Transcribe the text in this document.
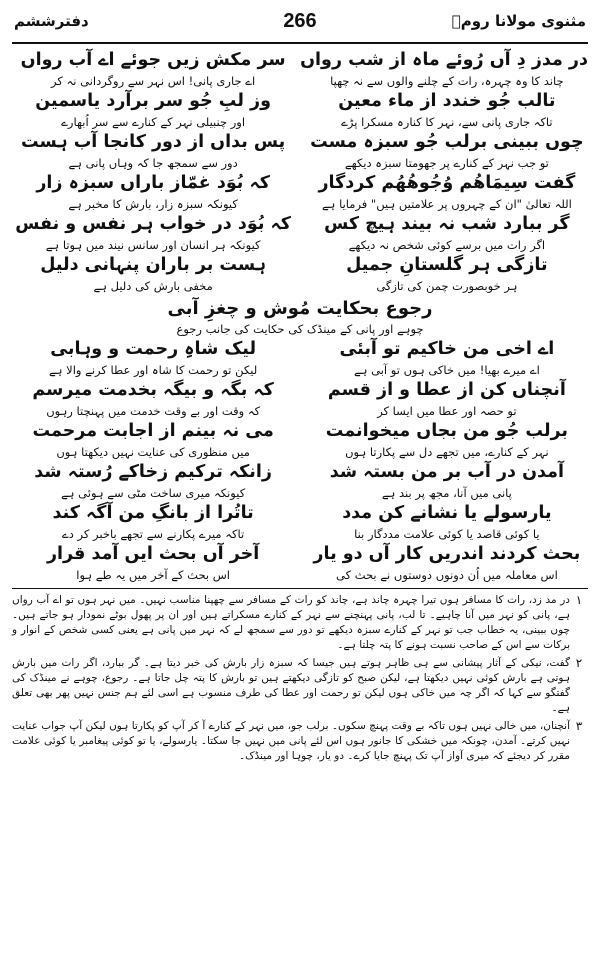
دفترششم	266	مثنوی مولانا رومؒ
در مدز دِ آں رُوئے ماہ از شب رواں
سر مکش زیں جوئے اے آب رواں
چاند کا وہ چہرہ، رات کے چلنے والوں سے نہ چھپا
اے جاری پانی! اس نہر سے روگردانی نہ کر
تالب جُو خندد از ماء معین
وز لبِ جُو سر برآرد یاسمین
تاکہ جاری پانی سے، نہر کا کنارہ مسکرا پڑے
اور چنبیلی نہر کے کنارے سے سر اُبھارے
چوں ببینی برلب جُو سبزہ مست
پس بداں از دور کانجا آب ہست
تو جب نہر کے کنارے پر جھومتا سبزہ دیکھے
دور سے سمجھ جا کہ وہاں پانی ہے
گفت سِیمَاھُم وُجُوھُھُم کردگار
کہ بُوَد غمّاز باراں سبزہ زار
اللہ تعالیٰ "ان کے چہروں پر علامتیں ہیں" فرمایا ہے
کیونکہ سبزہ زار، بارش کا مخبر ہے
گر ببارد شب نہ بیند ہیچ کس
کہ بُوَد در خواب ہر نفس و نفس
اگر رات میں برسے کوئی شخص نہ دیکھے
کیونکہ ہر انسان اور سانس نیند میں ہوتا ہے
تازگی ہر گلستانِ جمیل
ہست بر باران پنہانی دلیل
ہر خوبصورت چمن کی تازگی
مخفی بارش کی دلیل ہے
رجوع بحکایت مُوش و چغزِ آبی
چوہے اور پانی کے مینڈک کی حکایت کی جانب رجوع
اے اخی من خاکیم تو آبئی
لیک شاہِ رحمت و وہابی
اے میرے بھیا! میں خاکی ہوں تو آبی ہے
لیکن تو رحمت کا شاہ اور عطا کرنے والا ہے
آنچناں کن از عطا و از قسم
کہ بگہ و بیگہ بخدمت میرسم
تو حصہ اور عطا میں ایسا کر
کہ وقت اور بے وقت خدمت میں پہنچتا رہوں
برلب جُو من بجاں میخوانمت
می نہ بینم از اجابت مرحمت
نہر کے کنارے، میں تجھے دل سے پکارتا ہوں
میں منظوری کی عنایت نہیں دیکھتا ہوں
آمدن در آب بر من بستہ شد
زانکہ ترکیم زخاکے رُستہ شد
پانی میں آنا، مجھ پر بند ہے
کیونکہ میری ساخت مٹی سے ہوئی ہے
یارسولے یا نشانے کن مدد
تاتُرا از بانگِ من آگہ کند
یا کوئی قاصد یا کوئی علامت مددگار بنا
تاکہ میرے پکارنے سے تجھے باخبر کر دے
بحث کردند اندریں کار آں دو یار
آخر آں بحث ایں آمد قرار
اس معاملہ میں اُن دونوں دوستوں نے بحث کی
اس بحث کے آخر میں یہ طے ہوا
۱
در مد زد، رات کا مسافر ہوں تیرا چہرہ چاند ہے، چاند کو رات کے مسافر سے چھپنا مناسب نہیں۔ میں نہر ہوں تو اے آب رواں ہے، پانی کو نہر میں آنا چاہیے۔ تا لب، پانی پہنچنے سے نہر کے کنارے مسکراتے ہیں اور ان پر پھول بوٹے نمودار ہو جاتے ہیں۔ چوں ببینی، یہ خطاب جب تو نہر کے کنارے سبزہ دیکھے تو دور سے سمجھ لے کہ نہر میں پانی ہے یعنی کسی شخص کے انوار و برکات سے اس کے صاحب نسبت ہونے کا پتہ چلتا ہے۔
۲
گفت، نیکی کے آثار پیشانی سے ہی ظاہر ہوتے ہیں جیسا کہ سبزہ زار بارش کی خبر دیتا ہے۔ گر ببارد، اگر رات میں بارش ہوتی ہے بارش کوئی نہیں دیکھتا ہے، لیکن صبح کو تازگی دیکھتے ہیں تو بارش کا پتہ چل جاتا ہے۔ رجوع، چوہے نے مینڈک کی گفتگو سے کہا کہ اگر چہ میں خاکی ہوں لیکن تو رحمت اور عطا کی طرف منسوب ہے اسی لئے ہم جنس نہیں پھر بھی تعلق ہے۔
۳
آنچنان، میں خالی نہیں ہوں تاکہ بے وقت پہنچ سکوں۔ برلب جو، میں نہر کے کنارے آ کر آپ کو پکارتا ہوں لیکن آپ جواب عنایت نہیں کرتے۔ آمدن، چونکہ میں خشکی کا جانور ہوں اس لئے پانی میں نہیں جا سکتا۔ یارسولے، یا تو کوئی پیغامبر یا کوئی علامت مقرر کر دیجئے کہ میری آواز آپ تک پہنچ جایا کرے۔ دو یار، چوہا اور مینڈک۔
